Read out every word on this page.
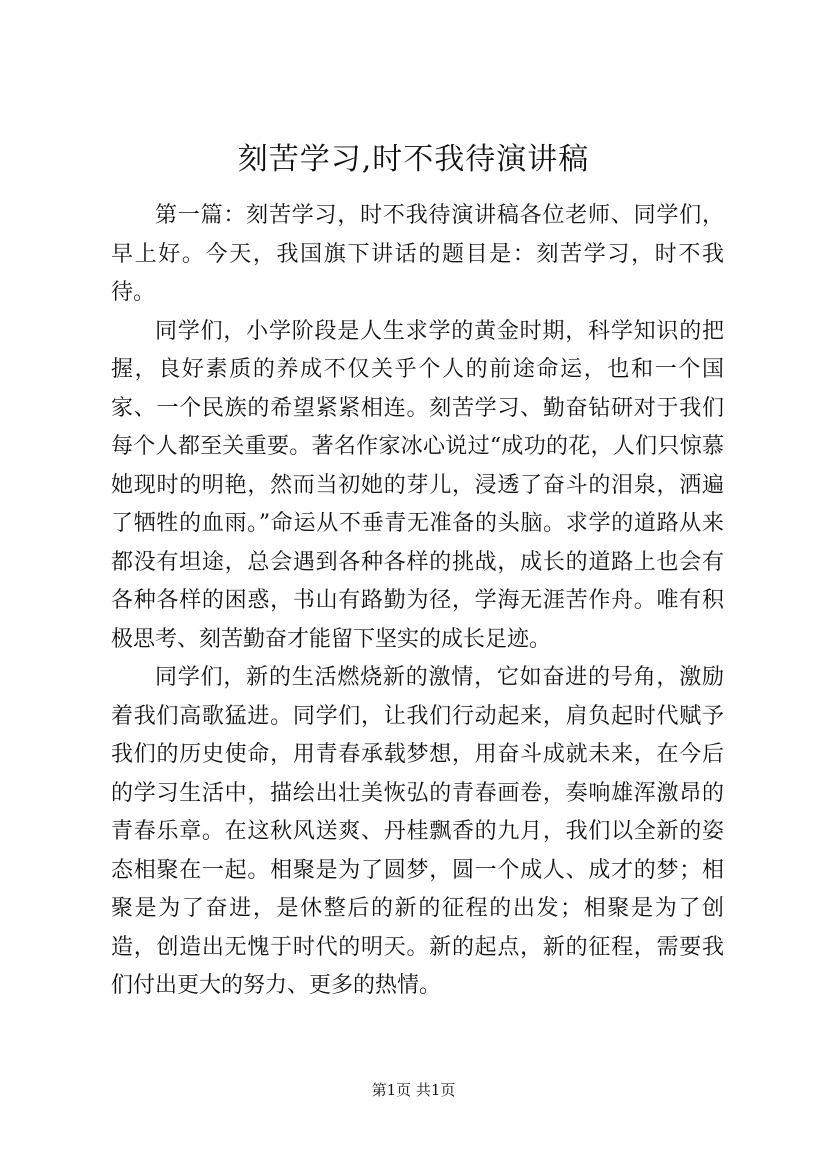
刻苦学习,时不我待演讲稿

第一篇：刻苦学习，时不我待演讲稿各位老师、同学们，早上好。今天，我国旗下讲话的题目是：刻苦学习，时不我待。

同学们，小学阶段是人生求学的黄金时期，科学知识的把握，良好素质的养成不仅关乎个人的前途命运，也和一个国家、一个民族的希望紧紧相连。刻苦学习、勤奋钻研对于我们每个人都至关重要。著名作家冰心说过“成功的花，人们只惊慕她现时的明艳，然而当初她的芽儿，浸透了奋斗的泪泉，洒遍了牺牲的血雨。”命运从不垂青无准备的头脑。求学的道路从来都没有坦途，总会遇到各种各样的挑战，成长的道路上也会有各种各样的困惑，书山有路勤为径，学海无涯苦作舟。唯有积极思考、刻苦勤奋才能留下坚实的成长足迹。

同学们，新的生活燃烧新的激情，它如奋进的号角，激励着我们高歌猛进。同学们，让我们行动起来，肩负起时代赋予我们的历史使命，用青春承载梦想，用奋斗成就未来，在今后的学习生活中，描绘出壮美恢弘的青春画卷，奏响雄浑激昂的青春乐章。在这秋风送爽、丹桂飘香的九月，我们以全新的姿态相聚在一起。相聚是为了圆梦，圆一个成人、成才的梦；相聚是为了奋进，是休整后的新的征程的出发；相聚是为了创造，创造出无愧于时代的明天。新的起点，新的征程，需要我们付出更大的努力、更多的热情。

第1页 共1页
